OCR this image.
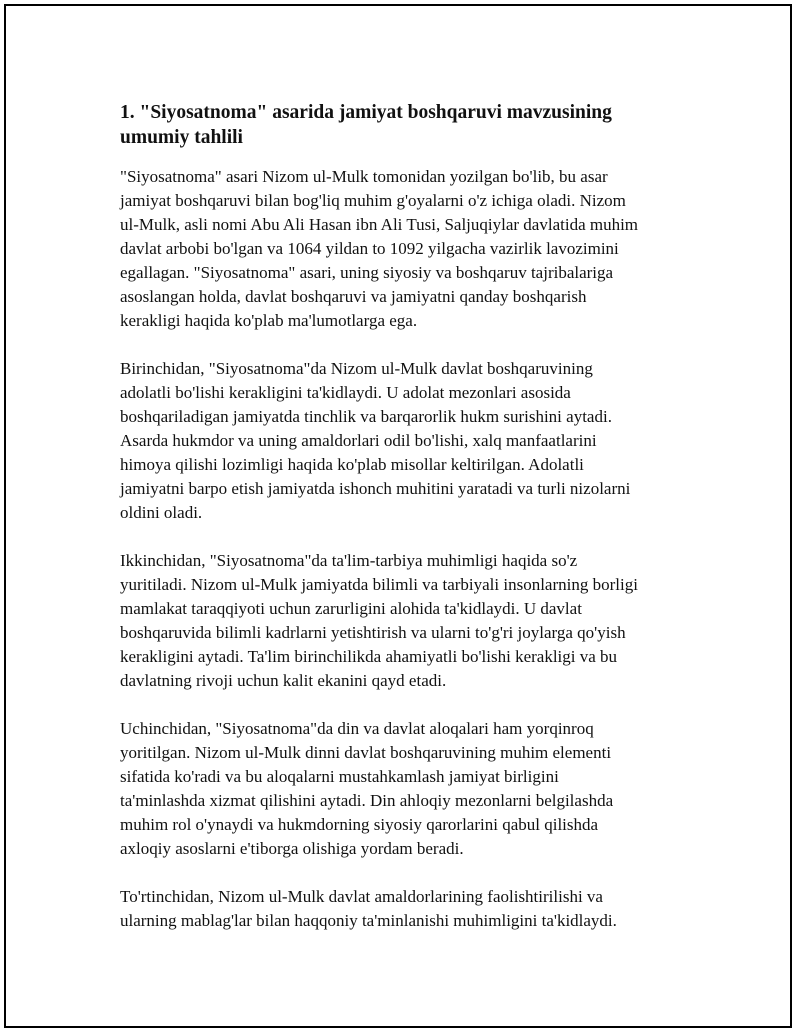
1. "Siyosatnoma" asarida jamiyat boshqaruvi mavzusining
umumiy tahlili

"Siyosatnoma" asari Nizom ul-Mulk tomonidan yozilgan bo'lib, bu asar
jamiyat boshqaruvi bilan bog'liq muhim g'oyalarni o'z ichiga oladi. Nizom
ul-Mulk, asli nomi Abu Ali Hasan ibn Ali Tusi, Saljuqiylar davlatida muhim
davlat arbobi bo'lgan va 1064 yildan to 1092 yilgacha vazirlik lavozimini
egallagan. "Siyosatnoma" asari, uning siyosiy va boshqaruv tajribalariga
asoslangan holda, davlat boshqaruvi va jamiyatni qanday boshqarish
kerakligi haqida ko'plab ma'lumotlarga ega.

Birinchidan, "Siyosatnoma"da Nizom ul-Mulk davlat boshqaruvining
adolatli bo'lishi kerakligini ta'kidlaydi. U adolat mezonlari asosida
boshqariladigan jamiyatda tinchlik va barqarorlik hukm surishini aytadi.
Asarda hukmdor va uning amaldorlari odil bo'lishi, xalq manfaatlarini
himoya qilishi lozimligi haqida ko'plab misollar keltirilgan. Adolatli
jamiyatni barpo etish jamiyatda ishonch muhitini yaratadi va turli nizolarni
oldini oladi.

Ikkinchidan, "Siyosatnoma"da ta'lim-tarbiya muhimligi haqida so'z
yuritiladi. Nizom ul-Mulk jamiyatda bilimli va tarbiyali insonlarning borligi
mamlakat taraqqiyoti uchun zarurligini alohida ta'kidlaydi. U davlat
boshqaruvida bilimli kadrlarni yetishtirish va ularni to'g'ri joylarga qo'yish
kerakligini aytadi. Ta'lim birinchilikda ahamiyatli bo'lishi kerakligi va bu
davlatning rivoji uchun kalit ekanini qayd etadi.

Uchinchidan, "Siyosatnoma"da din va davlat aloqalari ham yorqinroq
yoritilgan. Nizom ul-Mulk dinni davlat boshqaruvining muhim elementi
sifatida ko'radi va bu aloqalarni mustahkamlash jamiyat birligini
ta'minlashda xizmat qilishini aytadi. Din ahloqiy mezonlarni belgilashda
muhim rol o'ynaydi va hukmdorning siyosiy qarorlarini qabul qilishda
axloqiy asoslarni e'tiborga olishiga yordam beradi.

To'rtinchidan, Nizom ul-Mulk davlat amaldorlarining faolishtirilishi va
ularning mablag'lar bilan haqqoniy ta'minlanishi muhimligini ta'kidlaydi.
